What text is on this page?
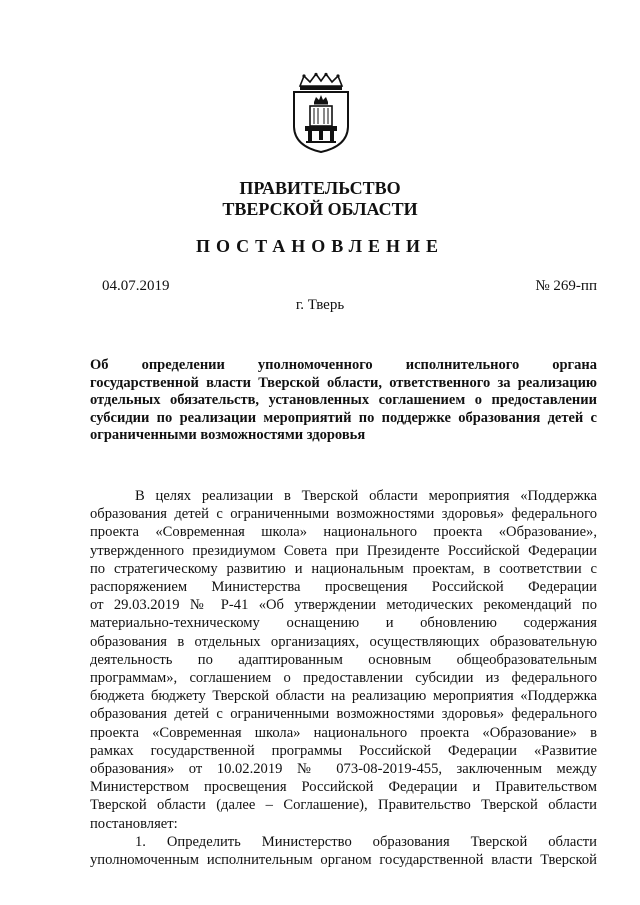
ПРАВИТЕЛЬСТВО
ТВЕРСКОЙ ОБЛАСТИ
ПОСТАНОВЛЕНИЕ
04.07.2019	№ 269-пп
г. Тверь

Об определении уполномоченного исполнительного органа
государственной власти Тверской области, ответственного за реализацию
отдельных обязательств, установленных соглашением о предоставлении
субсидии по реализации мероприятий по поддержке образования детей с
ограниченными возможностями здоровья

В целях реализации в Тверской области мероприятия «Поддержка
образования детей с ограниченными возможностями здоровья» федерального
проекта «Современная школа» национального проекта «Образование»,
утвержденного президиумом Совета при Президенте Российской Федерации
по стратегическому развитию и национальным проектам, в соответствии с
распоряжением Министерства просвещения Российской Федерации
от 29.03.2019 № Р-41 «Об утверждении методических рекомендаций по
материально-техническому оснащению и обновлению содержания
образования в отдельных организациях, осуществляющих образовательную
деятельность по адаптированным основным общеобразовательным
программам», соглашением о предоставлении субсидии из федерального
бюджета бюджету Тверской области на реализацию мероприятия «Поддержка
образования детей с ограниченными возможностями здоровья» федерального
проекта «Современная школа» национального проекта «Образование» в
рамках государственной программы Российской Федерации «Развитие
образования» от 10.02.2019 № 073-08-2019-455, заключенным между
Министерством просвещения Российской Федерации и Правительством
Тверской области (далее – Соглашение), Правительство Тверской области
постановляет:
1. Определить Министерство образования Тверской области
уполномоченным исполнительным органом государственной власти Тверской
